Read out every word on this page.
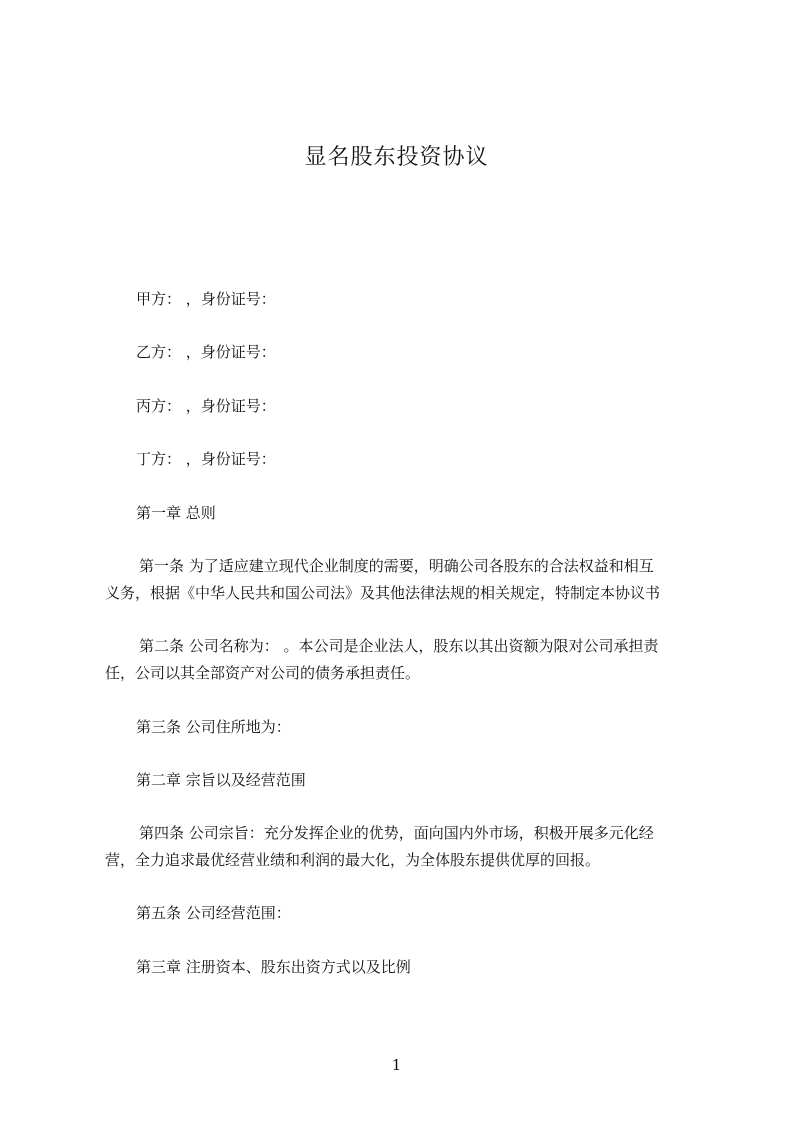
显名股东投资协议
甲方： ，身份证号：
乙方： ，身份证号：
丙方： ，身份证号：
丁方： ，身份证号：
第一章 总则
第一条 为了适应建立现代企业制度的需要，明确公司各股东的合法权益和相互
义务，根据《中华人民共和国公司法》及其他法律法规的相关规定，特制定本协议书
第二条 公司名称为： 。本公司是企业法人，股东以其出资额为限对公司承担责
任，公司以其全部资产对公司的债务承担责任。
第三条 公司住所地为：
第二章 宗旨以及经营范围
第四条 公司宗旨：充分发挥企业的优势，面向国内外市场，积极开展多元化经
营，全力追求最优经营业绩和利润的最大化，为全体股东提供优厚的回报。
第五条 公司经营范围：
第三章 注册资本、股东出资方式以及比例
1
